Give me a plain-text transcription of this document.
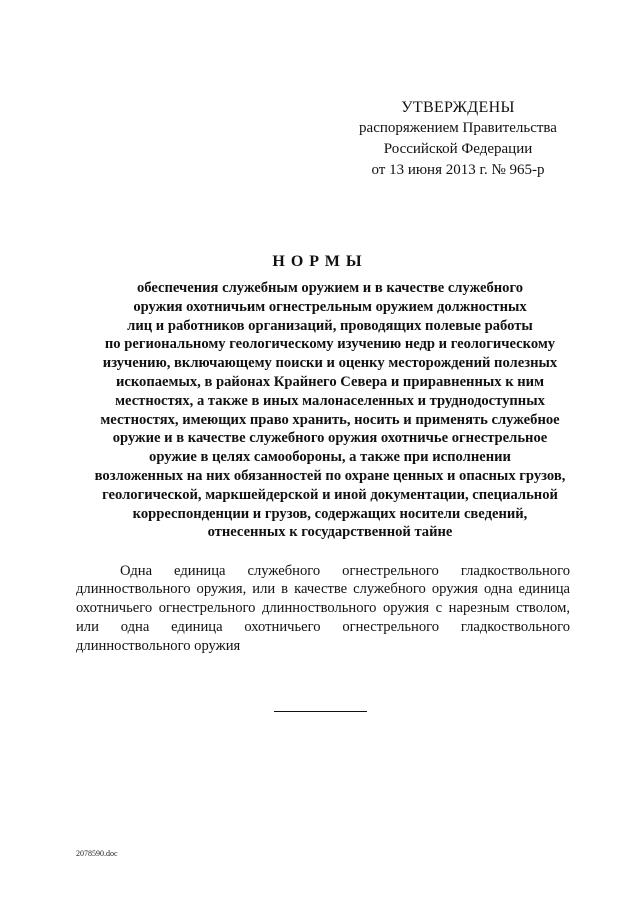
УТВЕРЖДЕНЫ
распоряжением Правительства
Российской Федерации
от 13 июня 2013 г. № 965-р
НОРМЫ
обеспечения служебным оружием и в качестве служебного
оружия охотничьим огнестрельным оружием должностных
лиц и работников организаций, проводящих полевые работы
по региональному геологическому изучению недр и геологическому
изучению, включающему поиски и оценку месторождений полезных
ископаемых, в районах Крайнего Севера и приравненных к ним
местностях, а также в иных малонаселенных и труднодоступных
местностях, имеющих право хранить, носить и применять служебное
оружие и в качестве служебного оружия охотничье огнестрельное
оружие в целях самообороны, а также при исполнении
возложенных на них обязанностей по охране ценных и опасных грузов,
геологической, маркшейдерской и иной документации, специальной
корреспонденции и грузов, содержащих носители сведений,
отнесенных к государственной тайне

Одна единица служебного огнестрельного гладкоствольного длинноствольного оружия, или в качестве служебного оружия одна единица охотничьего огнестрельного длинноствольного оружия с нарезным стволом, или одна единица охотничьего огнестрельного гладкоствольного длинноствольного оружия

2078590.doc
